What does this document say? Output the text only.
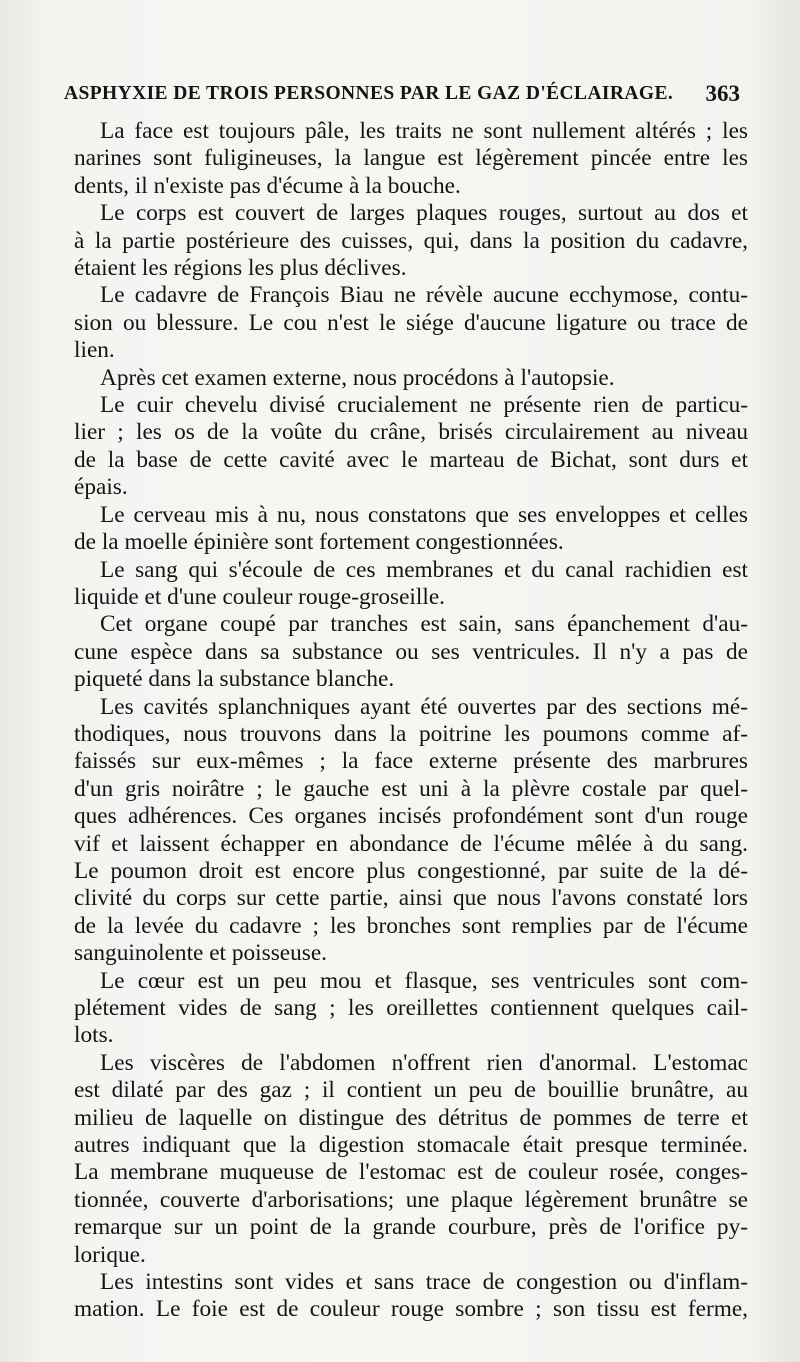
ASPHYXIE DE TROIS PERSONNES PAR LE GAZ D'ÉCLAIRAGE. 363
La face est toujours pâle, les traits ne sont nullement altérés ; les
narines sont fuligineuses, la langue est légèrement pincée entre les
dents, il n'existe pas d'écume à la bouche.
Le corps est couvert de larges plaques rouges, surtout au dos et
à la partie postérieure des cuisses, qui, dans la position du cadavre,
étaient les régions les plus déclives.
Le cadavre de François Biau ne révèle aucune ecchymose, contu-
sion ou blessure. Le cou n'est le siége d'aucune ligature ou trace de
lien.
Après cet examen externe, nous procédons à l'autopsie.
Le cuir chevelu divisé crucialement ne présente rien de particu-
lier ; les os de la voûte du crâne, brisés circulairement au niveau
de la base de cette cavité avec le marteau de Bichat, sont durs et
épais.
Le cerveau mis à nu, nous constatons que ses enveloppes et celles
de la moelle épinière sont fortement congestionnées.
Le sang qui s'écoule de ces membranes et du canal rachidien est
liquide et d'une couleur rouge-groseille.
Cet organe coupé par tranches est sain, sans épanchement d'au-
cune espèce dans sa substance ou ses ventricules. Il n'y a pas de
piqueté dans la substance blanche.
Les cavités splanchniques ayant été ouvertes par des sections mé-
thodiques, nous trouvons dans la poitrine les poumons comme af-
faissés sur eux-mêmes ; la face externe présente des marbrures
d'un gris noirâtre ; le gauche est uni à la plèvre costale par quel-
ques adhérences. Ces organes incisés profondément sont d'un rouge
vif et laissent échapper en abondance de l'écume mêlée à du sang.
Le poumon droit est encore plus congestionné, par suite de la dé-
clivité du corps sur cette partie, ainsi que nous l'avons constaté lors
de la levée du cadavre ; les bronches sont remplies par de l'écume
sanguinolente et poisseuse.
Le cœur est un peu mou et flasque, ses ventricules sont com-
plétement vides de sang ; les oreillettes contiennent quelques cail-
lots.
Les viscères de l'abdomen n'offrent rien d'anormal. L'estomac
est dilaté par des gaz ; il contient un peu de bouillie brunâtre, au
milieu de laquelle on distingue des détritus de pommes de terre et
autres indiquant que la digestion stomacale était presque terminée.
La membrane muqueuse de l'estomac est de couleur rosée, conges-
tionnée, couverte d'arborisations; une plaque légèrement brunâtre se
remarque sur un point de la grande courbure, près de l'orifice py-
lorique.
Les intestins sont vides et sans trace de congestion ou d'inflam-
mation. Le foie est de couleur rouge sombre ; son tissu est ferme,
